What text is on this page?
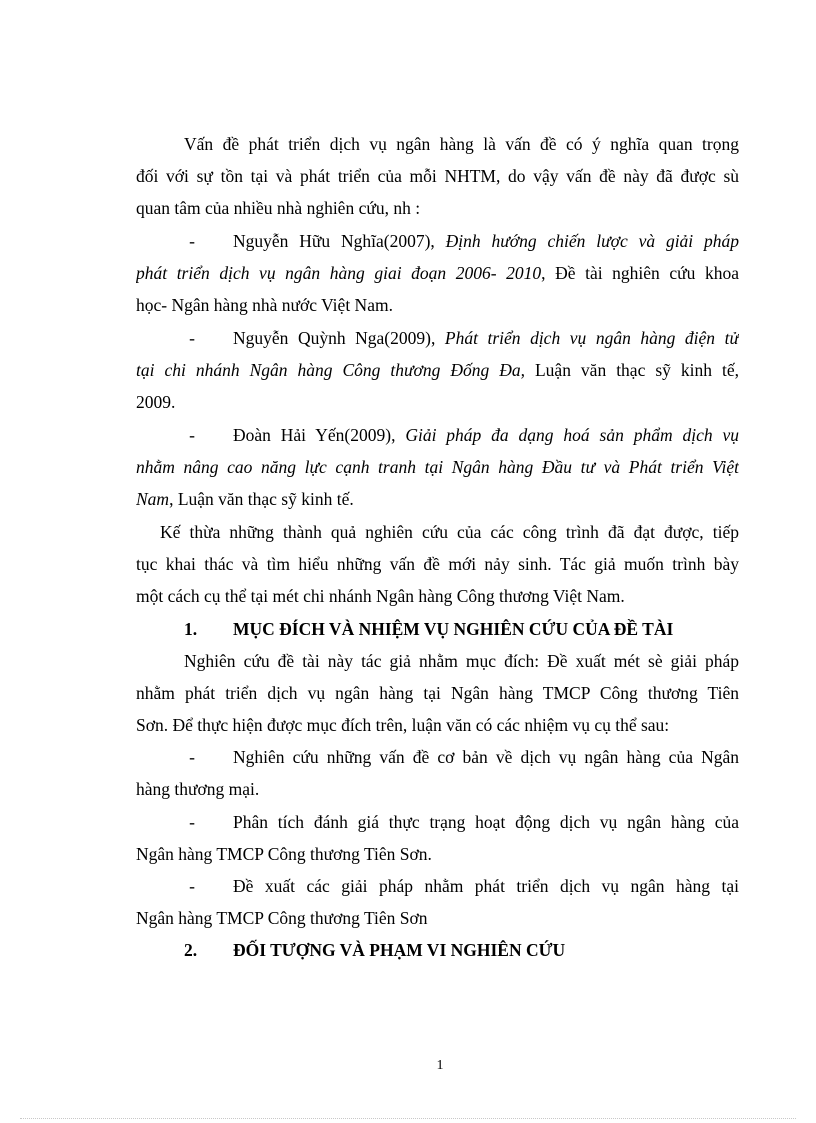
Vấn đề phát triển dịch vụ ngân hàng là vấn đề có ý nghĩa quan trọng
đối với sự tồn tại và phát triển của mỗi NHTM, do vậy vấn đề này đã được sù
quan tâm của nhiều nhà nghiên cứu, nh :
- Nguyễn Hữu Nghĩa(2007), Định hướng chiến lược và giải pháp
phát triển dịch vụ ngân hàng giai đoạn 2006- 2010, Đề tài nghiên cứu khoa
học- Ngân hàng nhà nước Việt Nam.
- Nguyễn Quỳnh Nga(2009), Phát triển dịch vụ ngân hàng điện tử
tại chi nhánh Ngân hàng Công thương Đống Đa, Luận văn thạc sỹ kinh tế,
2009.
- Đoàn Hải Yến(2009), Giải pháp đa dạng hoá sản phẩm dịch vụ
nhằm nâng cao năng lực cạnh tranh tại Ngân hàng Đầu tư và Phát triển Việt
Nam, Luận văn thạc sỹ kinh tế.
Kế thừa những thành quả nghiên cứu của các công trình đã đạt được, tiếp
tục khai thác và tìm hiểu những vấn đề mới nảy sinh. Tác giả muốn trình bày
một cách cụ thể tại mét chi nhánh Ngân hàng Công thương Việt Nam.
1.	MỤC ĐÍCH VÀ NHIỆM VỤ NGHIÊN CỨU CỦA ĐỀ TÀI
Nghiên cứu đề tài này tác giả nhằm mục đích: Đề xuất mét sè giải pháp
nhằm phát triển dịch vụ ngân hàng tại Ngân hàng TMCP Công thương Tiên
Sơn. Để thực hiện được mục đích trên, luận văn có các nhiệm vụ cụ thể sau:
- Nghiên cứu những vấn đề cơ bản về dịch vụ ngân hàng của Ngân
hàng thương mại.
- Phân tích đánh giá thực trạng hoạt động dịch vụ ngân hàng của
Ngân hàng TMCP Công thương Tiên Sơn.
- Đề xuất các giải pháp nhằm phát triển dịch vụ ngân hàng tại
Ngân hàng TMCP Công thương Tiên Sơn
2.	ĐỐI TƯỢNG VÀ PHẠM VI NGHIÊN CỨU
1
